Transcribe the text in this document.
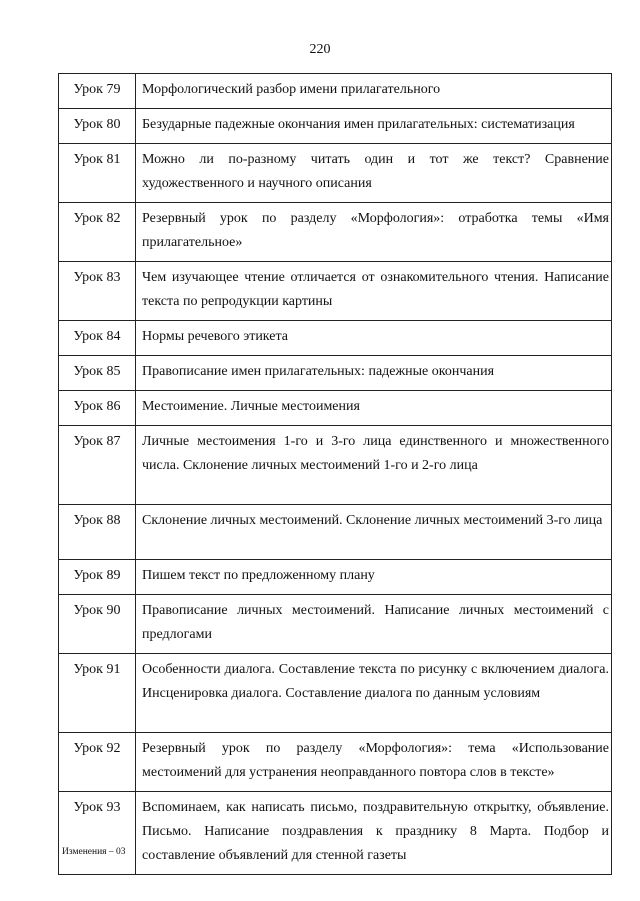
220
Урок 79	Морфологический разбор имени прилагательного
Урок 80	Безударные падежные окончания имен прилагательных: систематизация
Урок 81	Можно ли по-разному читать один и тот же текст? Сравнение художественного и научного описания
Урок 82	Резервный урок по разделу «Морфология»: отработка темы «Имя прилагательное»
Урок 83	Чем изучающее чтение отличается от ознакомительного чтения. Написание текста по репродукции картины
Урок 84	Нормы речевого этикета
Урок 85	Правописание имен прилагательных: падежные окончания
Урок 86	Местоимение. Личные местоимения
Урок 87	Личные местоимения 1-го и 3-го лица единственного и множественного числа. Склонение личных местоимений 1-го и 2-го лица
Урок 88	Склонение личных местоимений. Склонение личных местоимений 3-го лица
Урок 89	Пишем текст по предложенному плану
Урок 90	Правописание личных местоимений. Написание личных местоимений с предлогами
Урок 91	Особенности диалога. Составление текста по рисунку с включением диалога. Инсценировка диалога. Составление диалога по данным условиям
Урок 92	Резервный урок по разделу «Морфология»: тема «Использование местоимений для устранения неоправданного повтора слов в тексте»
Урок 93	Вспоминаем, как написать письмо, поздравительную открытку, объявление. Письмо. Написание поздравления к празднику 8 Марта. Подбор и составление объявлений для стенной газеты
Изменения – 03
